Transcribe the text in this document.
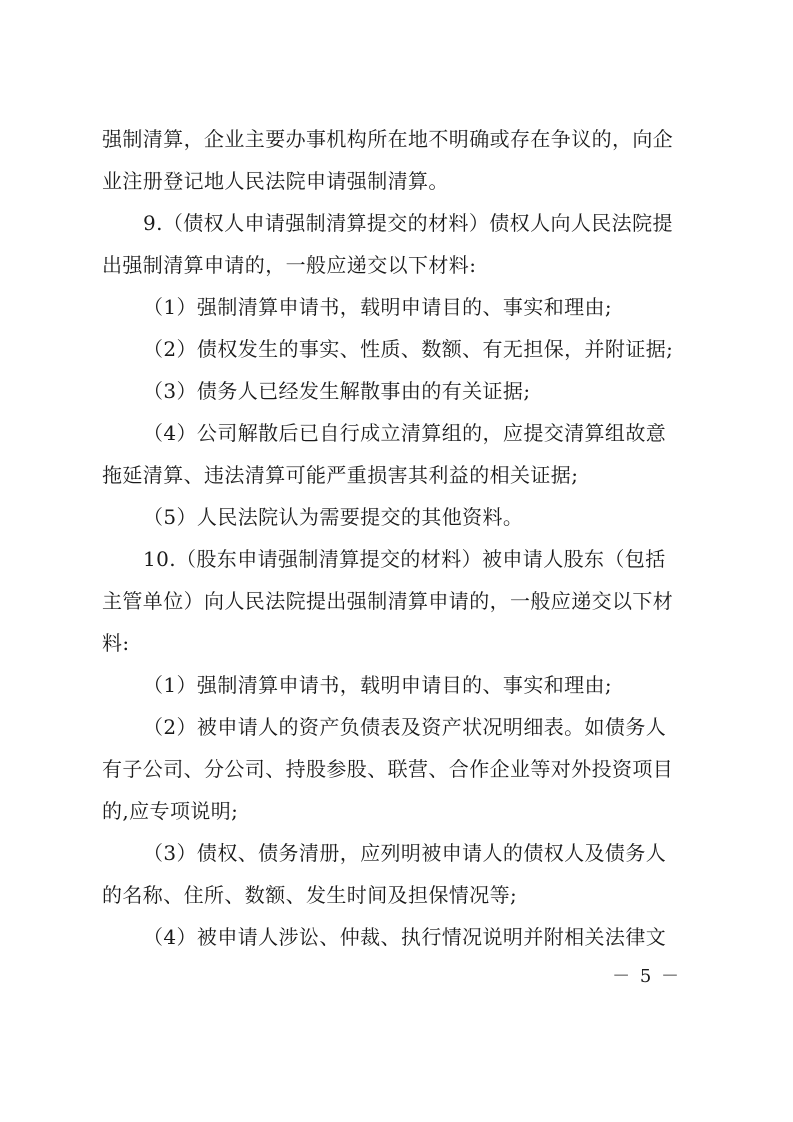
强制清算，企业主要办事机构所在地不明确或存在争议的，向企
业注册登记地人民法院申请强制清算。
9.（债权人申请强制清算提交的材料）债权人向人民法院提
出强制清算申请的，一般应递交以下材料:
（1）强制清算申请书，载明申请目的、事实和理由;
（2）债权发生的事实、性质、数额、有无担保，并附证据;
（3）债务人已经发生解散事由的有关证据;
（4）公司解散后已自行成立清算组的，应提交清算组故意
拖延清算、违法清算可能严重损害其利益的相关证据;
（5）人民法院认为需要提交的其他资料。
10.（股东申请强制清算提交的材料）被申请人股东（包括
主管单位）向人民法院提出强制清算申请的，一般应递交以下材
料:
（1）强制清算申请书，载明申请目的、事实和理由;
（2）被申请人的资产负债表及资产状况明细表。如债务人
有子公司、分公司、持股参股、联营、合作企业等对外投资项目
的,应专项说明;
（3）债权、债务清册，应列明被申请人的债权人及债务人
的名称、住所、数额、发生时间及担保情况等;
（4）被申请人涉讼、仲裁、执行情况说明并附相关法律文
－ 5 －
